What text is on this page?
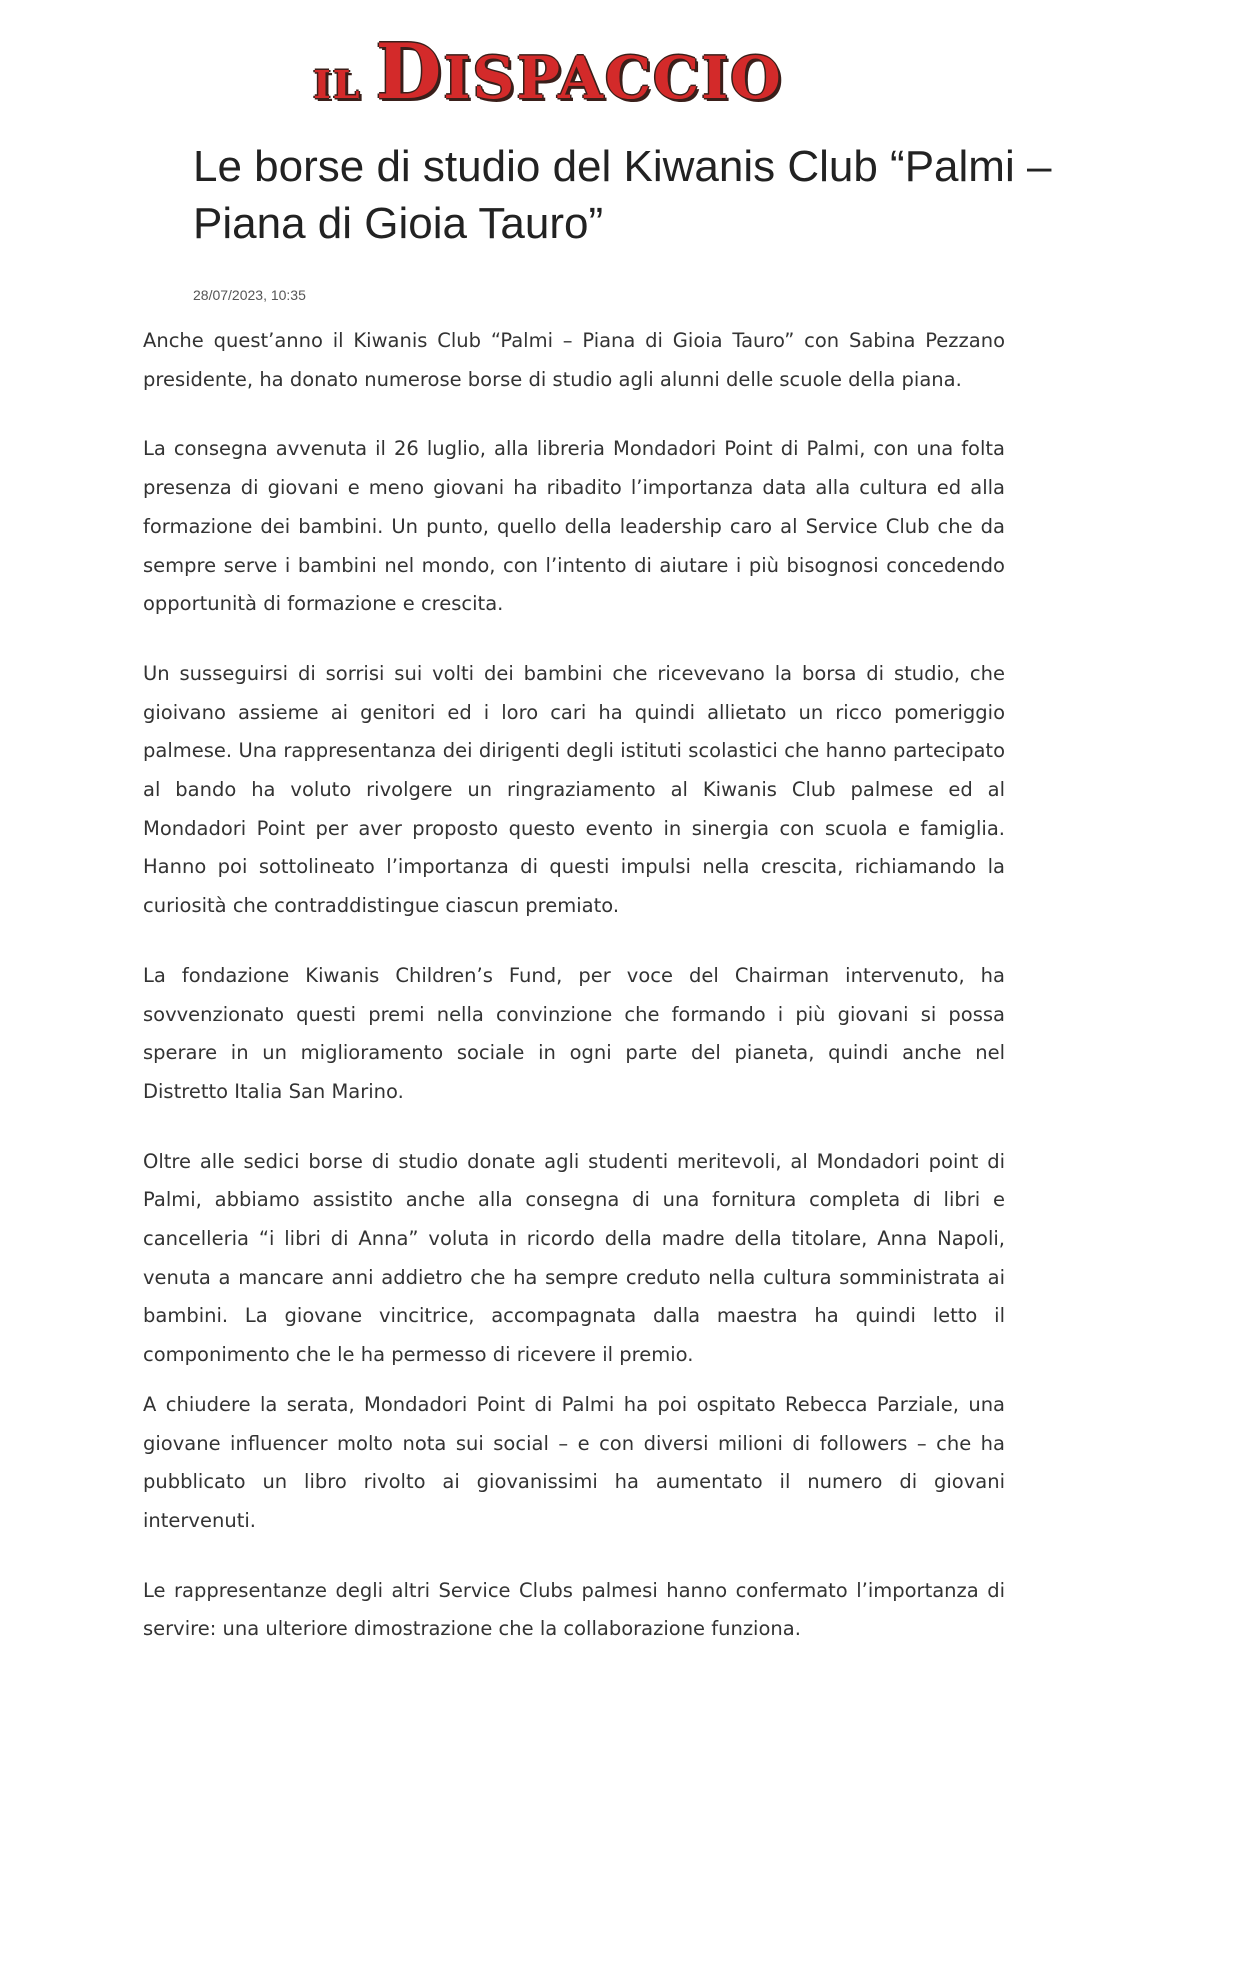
IL D ISPACCIO
Le borse di studio del Kiwanis Club “Palmi – Piana di Gioia Tauro”
28/07/2023, 10:35

Anche quest’anno il Kiwanis Club “Palmi – Piana di Gioia Tauro” con Sabina Pezzano presidente, ha donato numerose borse di studio agli alunni delle scuole della piana.

La consegna avvenuta il 26 luglio, alla libreria Mondadori Point di Palmi, con una folta presenza di giovani e meno giovani ha ribadito l’importanza data alla cultura ed alla formazione dei bambini. Un punto, quello della leadership caro al Service Club che da sempre serve i bambini nel mondo, con l’intento di aiutare i più bisognosi concedendo opportunità di formazione e crescita.

Un susseguirsi di sorrisi sui volti dei bambini che ricevevano la borsa di studio, che gioivano assieme ai genitori ed i loro cari ha quindi allietato un ricco pomeriggio palmese. Una rappresentanza dei dirigenti degli istituti scolastici che hanno partecipato al bando ha voluto rivolgere un ringraziamento al Kiwanis Club palmese ed al Mondadori Point per aver proposto questo evento in sinergia con scuola e famiglia. Hanno poi sottolineato l’importanza di questi impulsi nella crescita, richiamando la curiosità che contraddistingue ciascun premiato.

La fondazione Kiwanis Children’s Fund, per voce del Chairman intervenuto, ha sovvenzionato questi premi nella convinzione che formando i più giovani si possa sperare in un miglioramento sociale in ogni parte del pianeta, quindi anche nel Distretto Italia San Marino.

Oltre alle sedici borse di studio donate agli studenti meritevoli, al Mondadori point di Palmi, abbiamo assistito anche alla consegna di una fornitura completa di libri e cancelleria “i libri di Anna” voluta in ricordo della madre della titolare, Anna Napoli, venuta a mancare anni addietro che ha sempre creduto nella cultura somministrata ai bambini. La giovane vincitrice, accompagnata dalla maestra ha quindi letto il componimento che le ha permesso di ricevere il premio.

A chiudere la serata, Mondadori Point di Palmi ha poi ospitato Rebecca Parziale, una giovane influencer molto nota sui social – e con diversi milioni di followers – che ha pubblicato un libro rivolto ai giovanissimi ha aumentato il numero di giovani intervenuti.

Le rappresentanze degli altri Service Clubs palmesi hanno confermato l’importanza di servire: una ulteriore dimostrazione che la collaborazione funziona.
